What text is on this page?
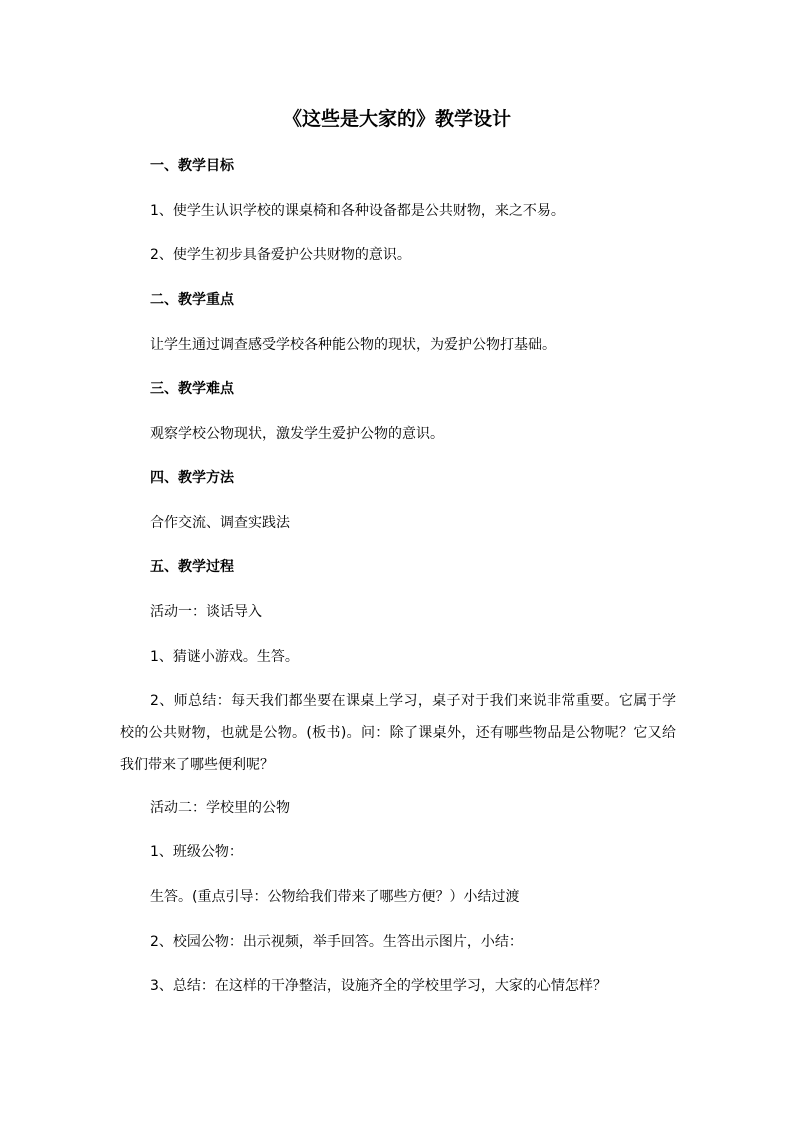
《这些是大家的》教学设计
一、教学目标
1、使学生认识学校的课桌椅和各种设备都是公共财物，来之不易。
2、使学生初步具备爱护公共财物的意识。
二、教学重点
让学生通过调查感受学校各种能公物的现状，为爱护公物打基础。
三、教学难点
观察学校公物现状，激发学生爱护公物的意识。
四、教学方法
合作交流、调查实践法
五、教学过程
活动一：谈话导入
1、猜谜小游戏。生答。
2、师总结：每天我们都坐要在课桌上学习，桌子对于我们来说非常重要。它属于学校的公共财物，也就是公物。(板书)。问：除了课桌外，还有哪些物品是公物呢？它又给我们带来了哪些便利呢？
活动二：学校里的公物
1、班级公物：
生答。(重点引导：公物给我们带来了哪些方便？）小结过渡
2、校园公物：出示视频，举手回答。生答出示图片，小结：
3、总结：在这样的干净整洁，设施齐全的学校里学习，大家的心情怎样？
